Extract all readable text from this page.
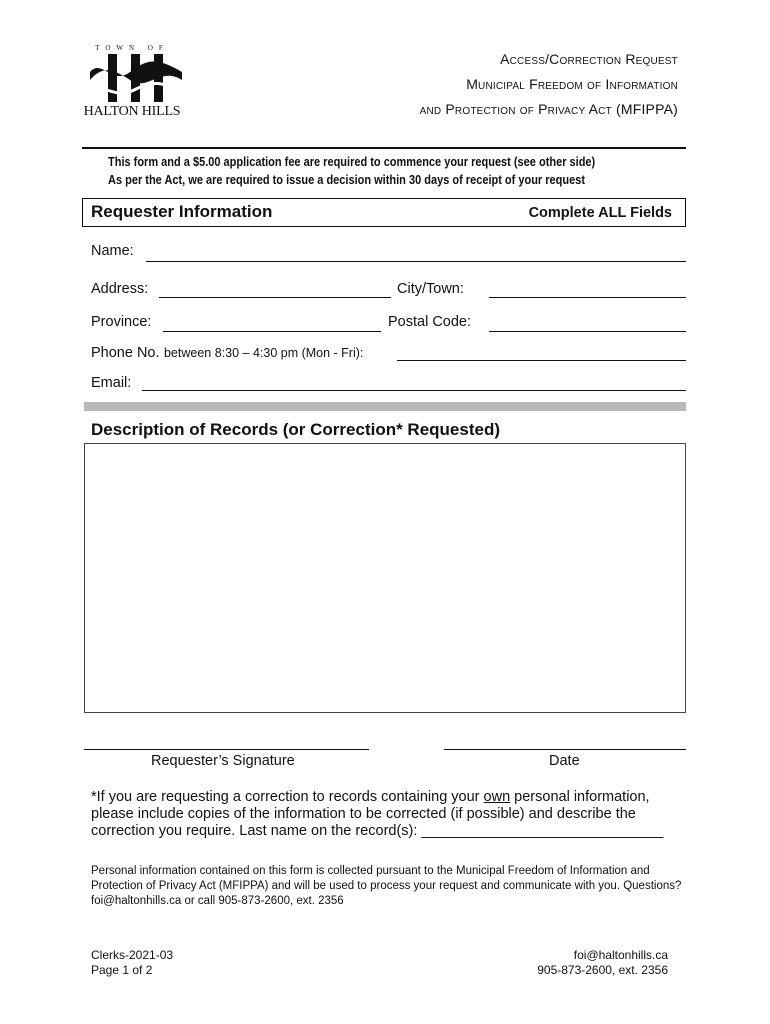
TOWN OF
HALTON HILLS
Access/Correction Request
Municipal Freedom of Information
and Protection of Privacy Act (MFIPPA)
This form and a $5.00 application fee are required to commence your request (see other side)
As per the Act, we are required to issue a decision within 30 days of receipt of your request
Requester Information	Complete ALL Fields
Name:
Address:	City/Town:
Province:	Postal Code:
Phone No. between 8:30 – 4:30 pm (Mon - Fri):
Email:
Description of Records (or Correction* Requested)
Requester’s Signature	Date
*If you are requesting a correction to records containing your own personal information, please include copies of the information to be corrected (if possible) and describe the correction you require. Last name on the record(s): ______________________________
Personal information contained on this form is collected pursuant to the Municipal Freedom of Information and Protection of Privacy Act (MFIPPA) and will be used to process your request and communicate with you. Questions? foi@haltonhills.ca or call 905-873-2600, ext. 2356
Clerks-2021-03
Page 1 of 2
foi@haltonhills.ca
905-873-2600, ext. 2356
